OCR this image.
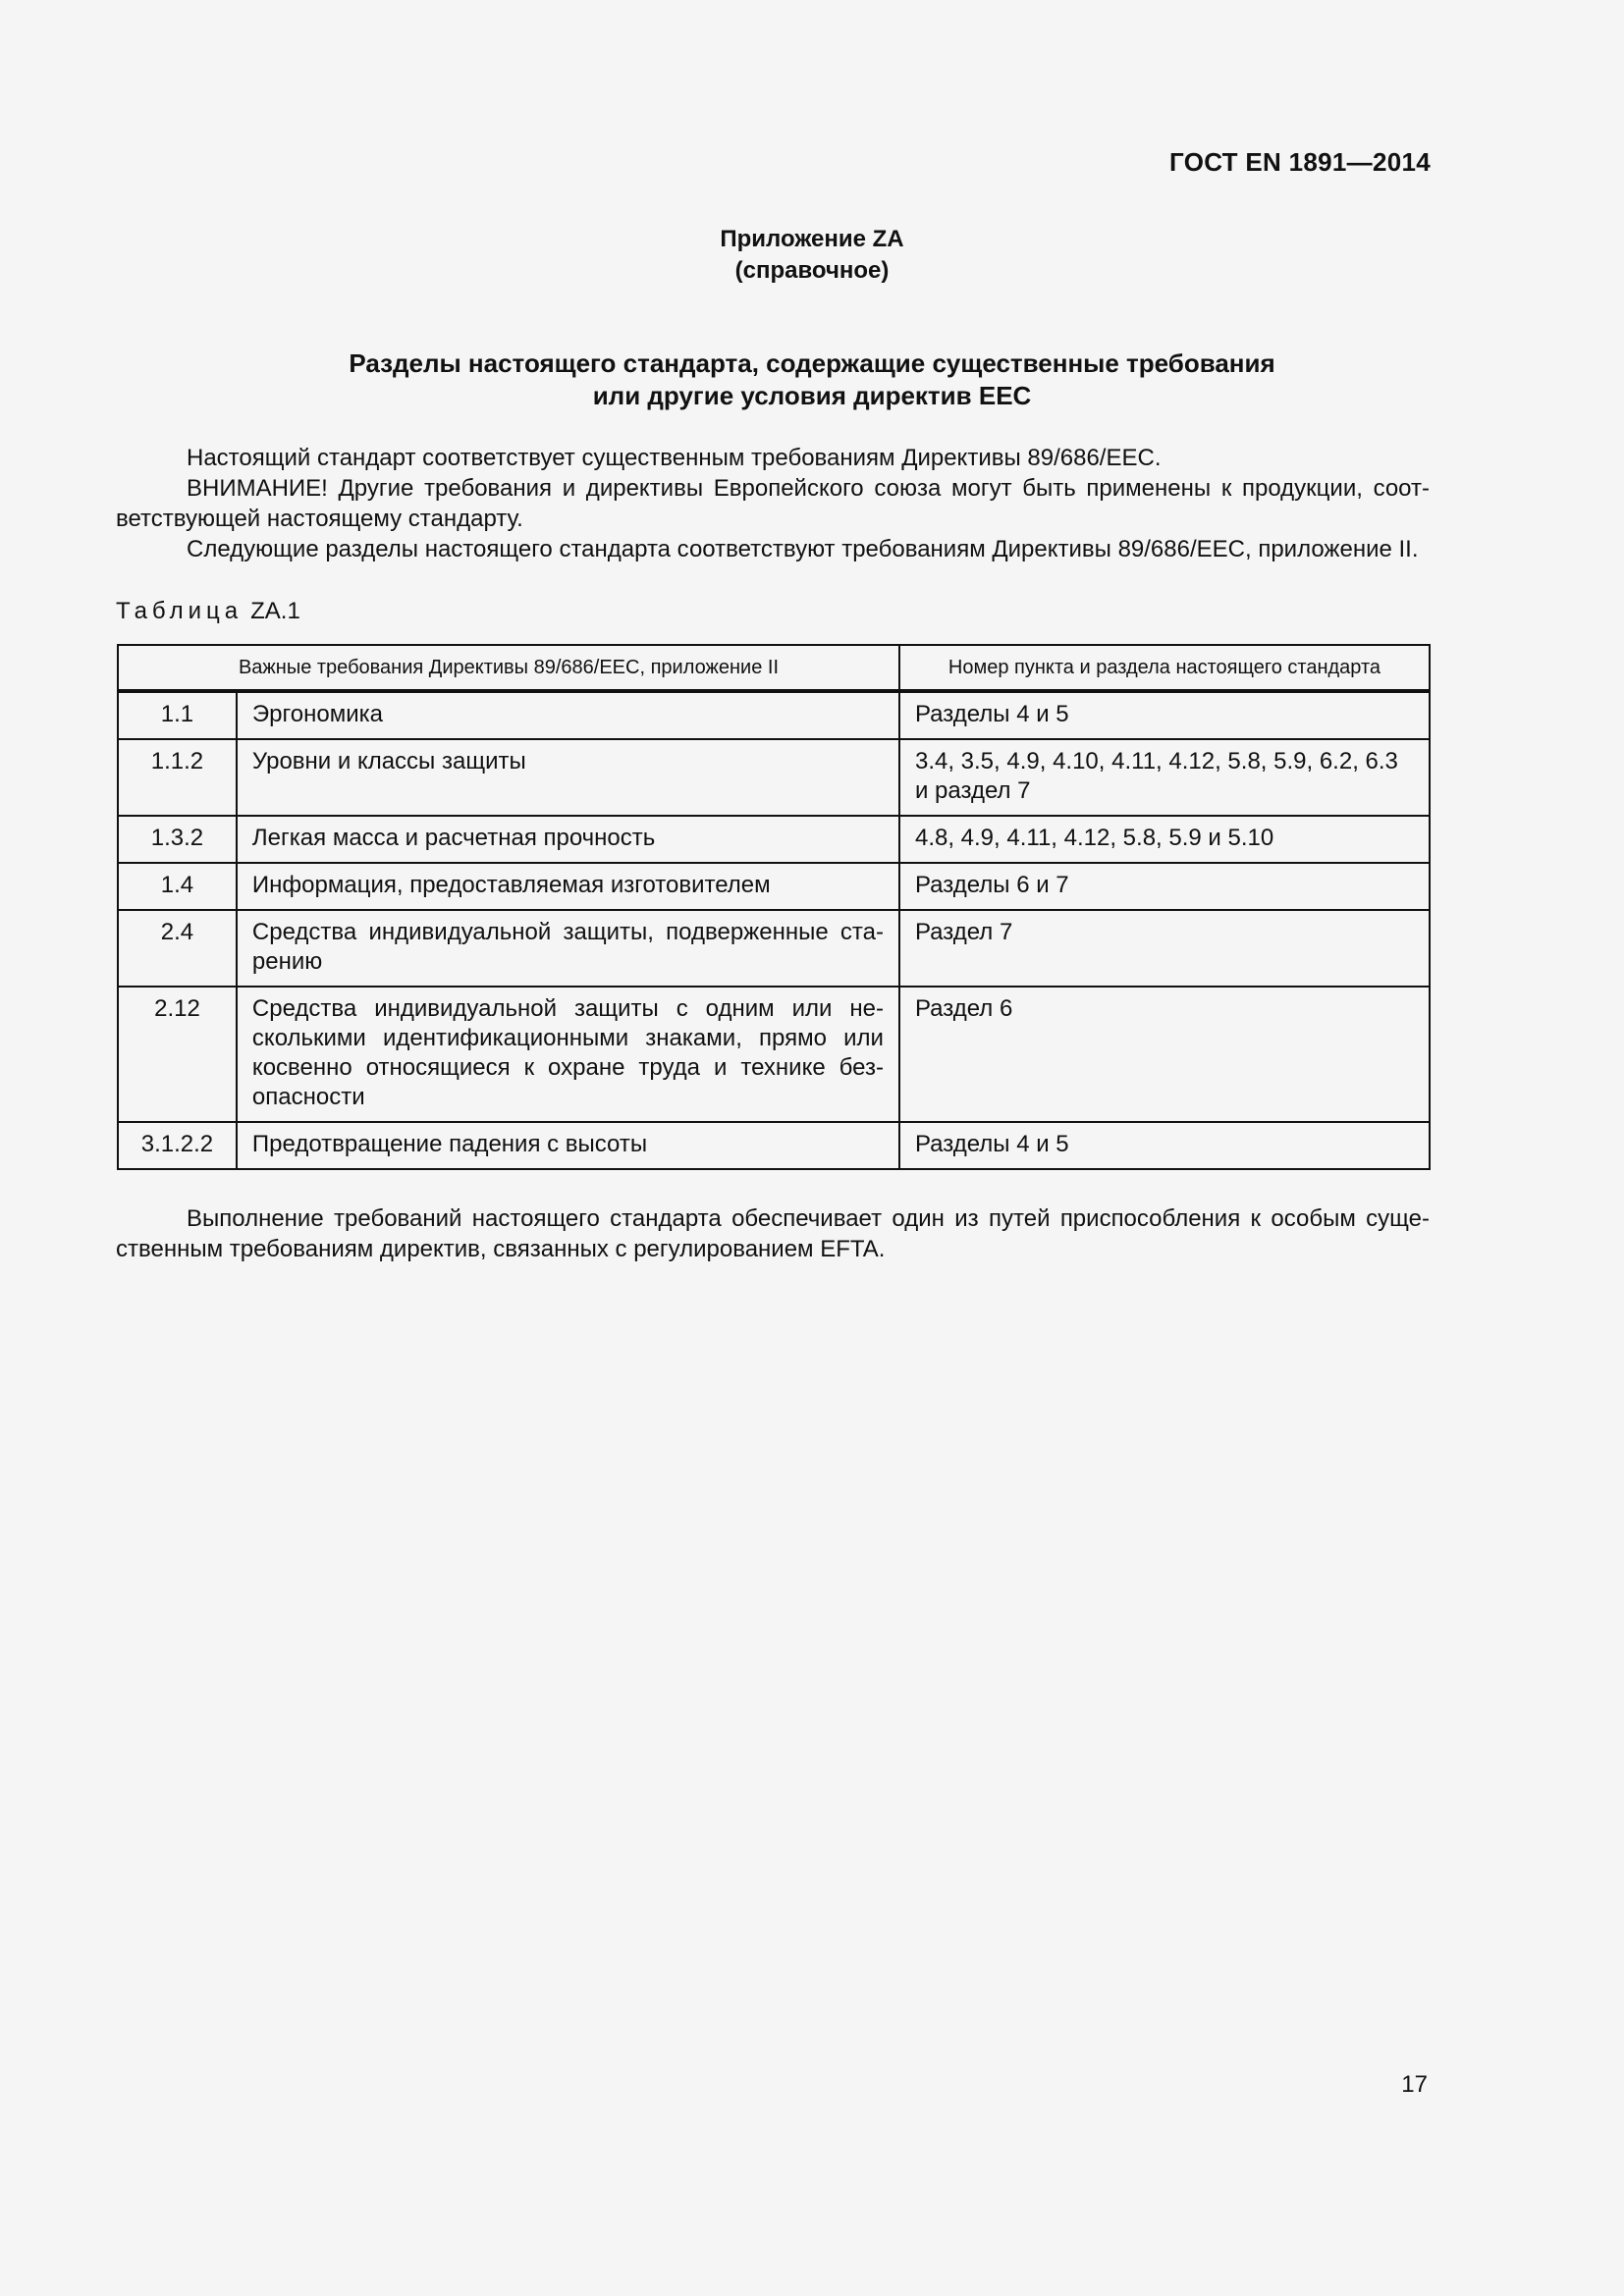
ГОСТ EN 1891—2014
Приложение ZA
(справочное)
Разделы настоящего стандарта, содержащие существенные требования
или другие условия директив EEC

Настоящий стандарт соответствует существенным требованиям Директивы 89/686/EEC.

ВНИМАНИЕ! Другие требования и директивы Европейского союза могут быть применены к продукции, соот-ветствующей настоящему стандарту.

Следующие разделы настоящего стандарта соответствуют требованиям Директивы 89/686/EEC, приложение II.

Таблица ZA.1
Важные требования Директивы 89/686/EEC, приложение II		Номер пункта и раздела настоящего стандарта
1.1	Эргономика	Разделы 4 и 5
1.1.2	Уровни и классы защиты	3.4, 3.5, 4.9, 4.10, 4.11, 4.12, 5.8, 5.9, 6.2, 6.3 и раздел 7
1.3.2	Легкая масса и расчетная прочность	4.8, 4.9, 4.11, 4.12, 5.8, 5.9 и 5.10
1.4	Информация, предоставляемая изготовителем	Разделы 6 и 7
2.4	Средства индивидуальной защиты, подверженные ста-рению	Раздел 7
2.12	Средства индивидуальной защиты с одним или не-сколькими идентификационными знаками, прямо или косвенно относящиеся к охране труда и технике без-опасности	Раздел 6
3.1.2.2	Предотвращение падения с высоты	Разделы 4 и 5

Выполнение требований настоящего стандарта обеспечивает один из путей приспособления к особым суще-ственным требованиям директив, связанных с регулированием EFTA.

17
